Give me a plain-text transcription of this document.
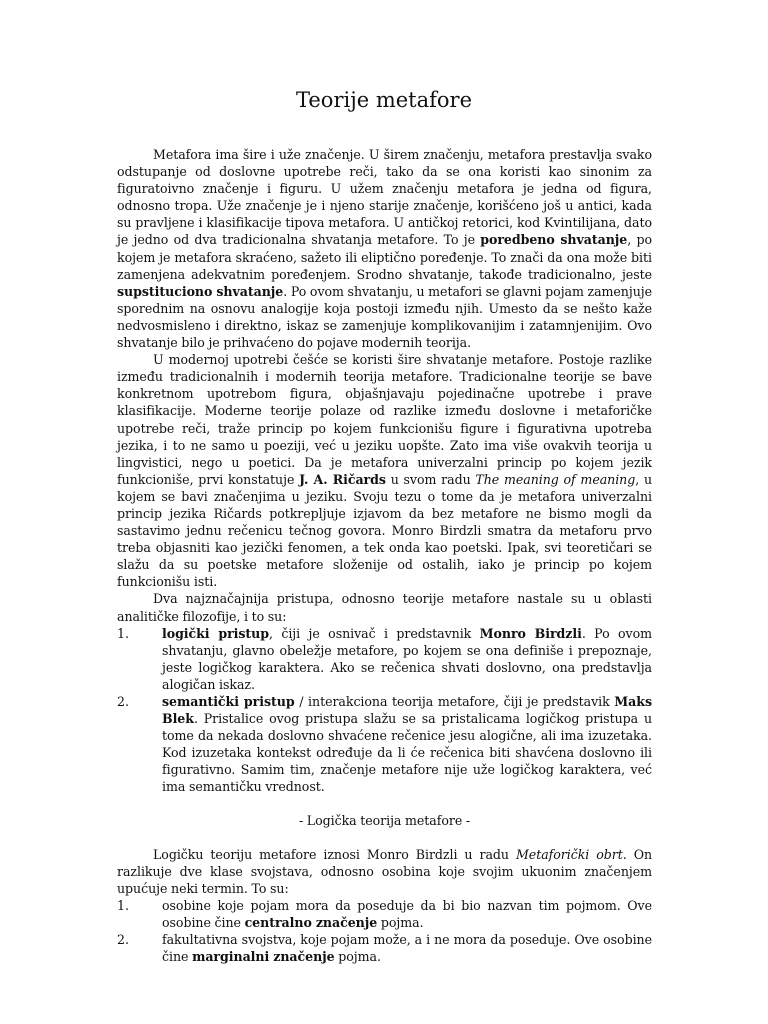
Teorije metafore

Metafora ima šire i uže značenje. U širem značenju, metafora prestavlja svako odstupanje od doslovne upotrebe reči, tako da se ona koristi kao sinonim za figuratoivno značenje i figuru. U užem značenju metafora je jedna od figura, odnosno tropa. Uže značenje je i njeno starije značenje, korišćeno još u antici, kada su pravljene i klasifikacije tipova metafora. U antičkoj retorici, kod Kvintilijana, dato je jedno od dva tradicionalna shvatanja metafore. To je poredbeno shvatanje, po kojem je metafora skraćeno, sažeto ili eliptično poređenje. To znači da ona može biti zamenjena adekvatnim poređenjem. Srodno shvatanje, takođe tradicionalno, jeste supstituciono shvatanje. Po ovom shvatanju, u metafori se glavni pojam zamenjuje sporednim na osnovu analogije koja postoji između njih. Umesto da se nešto kaže nedvosmisleno i direktno, iskaz se zamenjuje komplikovanijim i zatamnjenijim. Ovo shvatanje bilo je prihvaćeno do pojave modernih teorija.

U modernoj upotrebi češće se koristi šire shvatanje metafore. Postoje razlike između tradicionalnih i modernih teorija metafore. Tradicionalne teorije se bave konkretnom upotrebom figura, objašnjavaju pojedinačne upotrebe i prave klasifikacije. Moderne teorije polaze od razlike između doslovne i metaforičke upotrebe reči, traže princip po kojem funkcionišu figure i figurativna upotreba jezika, i to ne samo u poeziji, već u jeziku uopšte. Zato ima više ovakvih teorija u lingvistici, nego u poetici. Da je metafora univerzalni princip po kojem jezik funkcioniše, prvi konstatuje J. A. Ričards u svom radu The meaning of meaning, u kojem se bavi značenjima u jeziku. Svoju tezu o tome da je metafora univerzalni princip jezika Ričards potkrepljuje izjavom da bez metafore ne bismo mogli da sastavimo jednu rečenicu tečnog govora. Monro Birdzli smatra da metaforu prvo treba objasniti kao jezički fenomen, a tek onda kao poetski. Ipak, svi teoretičari se slažu da su poetske metafore složenije od ostalih, iako je princip po kojem funkcionišu isti.

Dva najznačajnija pristupa, odnosno teorije metafore nastale su u oblasti analitičke filozofije, i to su:

1.	logički pristup, čiji je osnivač i predstavnik Monro Birdzli. Po ovom shvatanju, glavno obeležje metafore, po kojem se ona definiše i prepoznaje, jeste logičkog karaktera. Ako se rečenica shvati doslovno, ona predstavlja alogičan iskaz.
2.	semantički pristup / interakciona teorija metafore, čiji je predstavik Maks Blek. Pristalice ovog pristupa slažu se sa pristalicama logičkog pristupa u tome da nekada doslovno shvaćene rečenice jesu alogične, ali ima izuzetaka. Kod izuzetaka kontekst određuje da li će rečenica biti shavćena doslovno ili figurativno. Samim tim, značenje metafore nije uže logičkog karaktera, već ima semantičku vrednost.
- Logička teorija metafore -

Logičku teoriju metafore iznosi Monro Birdzli u radu Metaforički obrt. On razlikuje dve klase svojstava, odnosno osobina koje svojim ukuonim značenjem upućuje neki termin. To su:

1.	osobine koje pojam mora da poseduje da bi bio nazvan tim pojmom. Ove osobine čine centralno značenje pojma.
2.	fakultativna svojstva, koje pojam može, a i ne mora da poseduje. Ove osobine čine marginalni značenje pojma.
